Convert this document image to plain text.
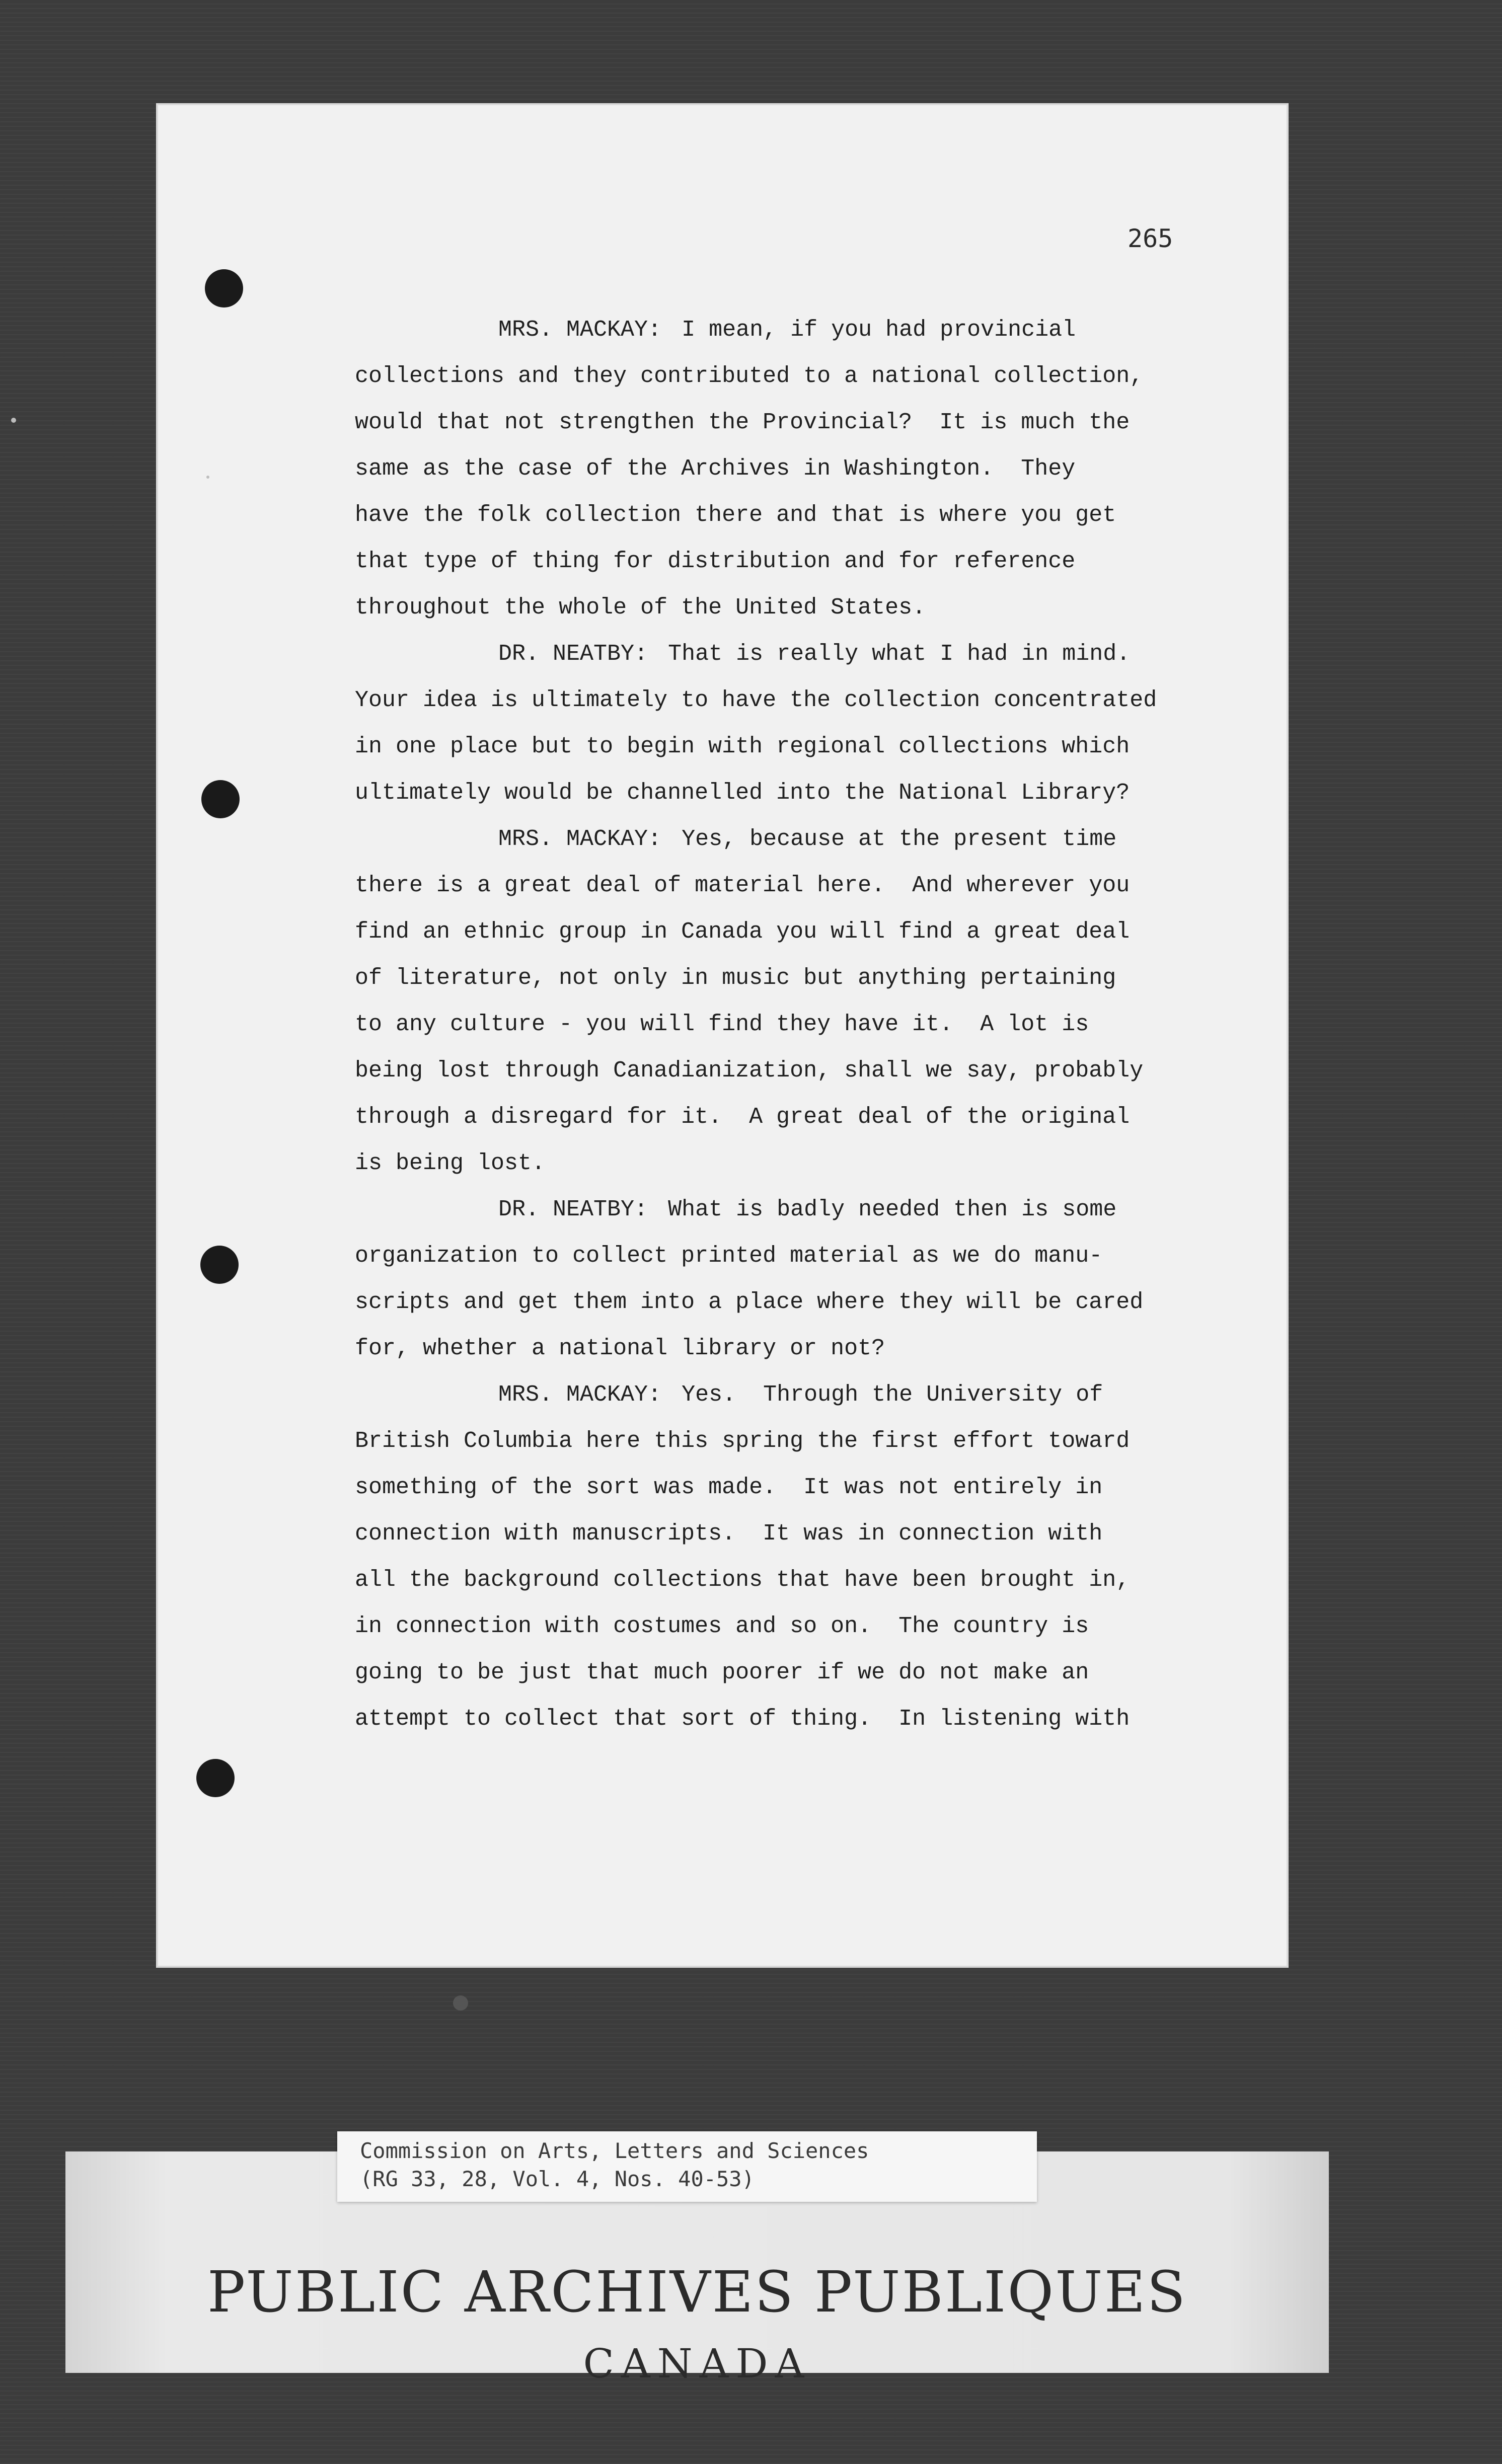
265
MRS. MACKAY: I mean, if you had provincial
collections and they contributed to a national collection,
would that not strengthen the Provincial?  It is much the
same as the case of the Archives in Washington.  They
have the folk collection there and that is where you get
that type of thing for distribution and for reference
throughout the whole of the United States.
DR. NEATBY: That is really what I had in mind.
Your idea is ultimately to have the collection concentrated
in one place but to begin with regional collections which
ultimately would be channelled into the National Library?
MRS. MACKAY: Yes, because at the present time
there is a great deal of material here.  And wherever you
find an ethnic group in Canada you will find a great deal
of literature, not only in music but anything pertaining
to any culture - you will find they have it.  A lot is
being lost through Canadianization, shall we say, probably
through a disregard for it.  A great deal of the original
is being lost.
DR. NEATBY: What is badly needed then is some
organization to collect printed material as we do manu-
scripts and get them into a place where they will be cared
for, whether a national library or not?
MRS. MACKAY: Yes.  Through the University of
British Columbia here this spring the first effort toward
something of the sort was made.  It was not entirely in
connection with manuscripts.  It was in connection with
all the background collections that have been brought in,
in connection with costumes and so on.  The country is
going to be just that much poorer if we do not make an
attempt to collect that sort of thing.  In listening with
Commission on Arts, Letters and Sciences
(RG 33, 28, Vol. 4, Nos. 40-53)
PUBLIC ARCHIVES PUBLIQUES
CANADA
